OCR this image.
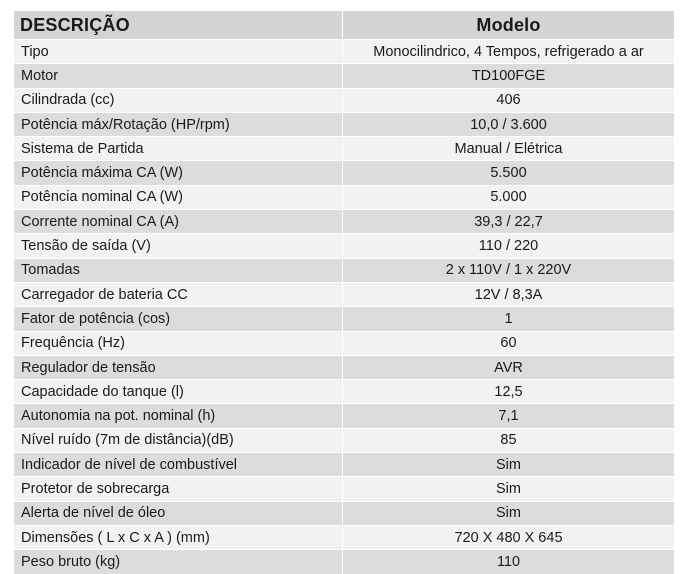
DESCRIÇÃO	Modelo
Tipo	Monocilindrico, 4 Tempos, refrigerado a ar
Motor	TD100FGE
Cilindrada (cc)	406
Potência máx/Rotação (HP/rpm)	10,0 / 3.600
Sistema de Partida	Manual / Elétrica
Potência máxima CA (W)	5.500
Potência nominal CA (W)	5.000
Corrente nominal CA (A)	39,3 / 22,7
Tensão de saída (V)	110 / 220
Tomadas	2 x 110V / 1 x 220V
Carregador de bateria CC	12V / 8,3A
Fator de potência (cos)	1
Frequência (Hz)	60
Regulador de tensão	AVR
Capacidade do tanque (l)	12,5
Autonomia na pot. nominal (h)	7,1
Nível ruído (7m de distância)(dB)	85
Indicador de nível de combustível	Sim
Protetor de sobrecarga	Sim
Alerta de nível de óleo	Sim
Dimensões ( L x C x A ) (mm)	720 X 480 X 645
Peso bruto (kg)	110
